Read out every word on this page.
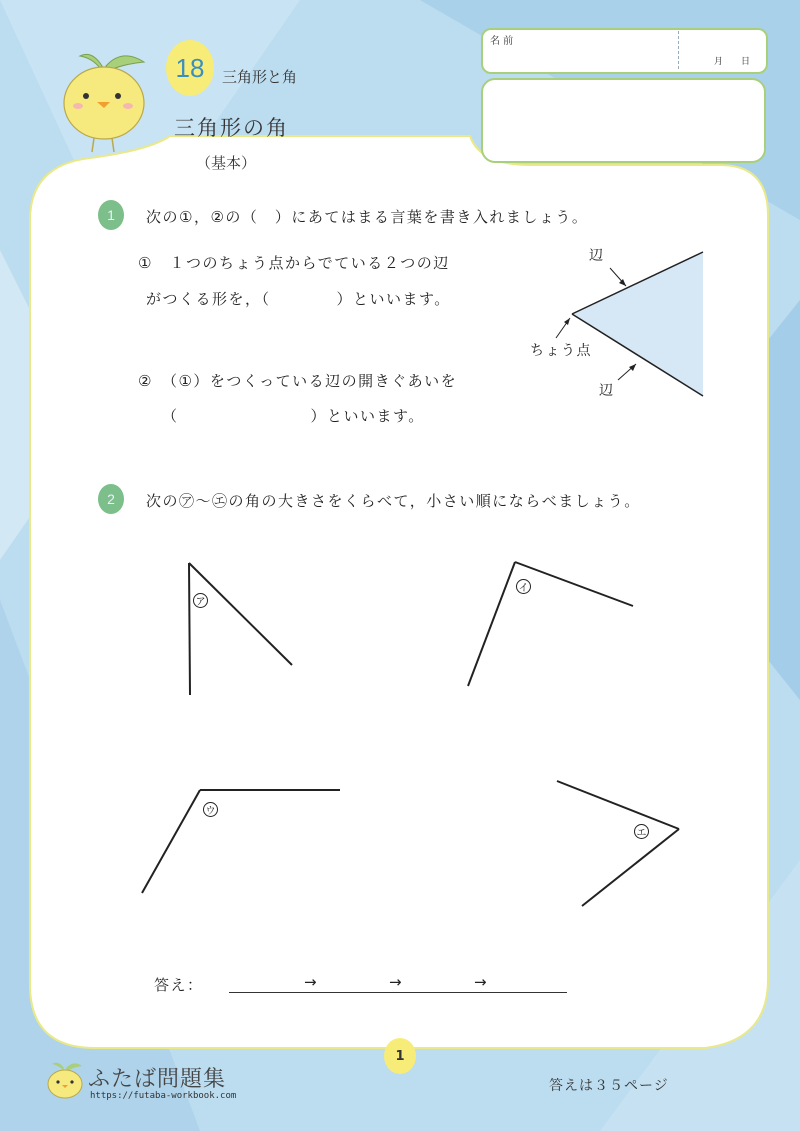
18	三角形と角
三角形の角
（基本）
名 前
月 日
1	次の①，②の（　）にあてはまる言葉を書き入れましょう。
①　１つのちょう点からでている２つの辺
がつくる形を，（　　　　）といいます。
②　（①）をつくっている辺の開きぐあいを
（　　　　　　　　）といいます。
辺
ちょう点
辺
2	次の㋐～㋓の角の大きさをくらべて，小さい順にならべましょう。
ア
イ
ウ
エ
答え：	→	→	→
1
ふたば問題集
https://futaba-workbook.com
答えは３５ページ
